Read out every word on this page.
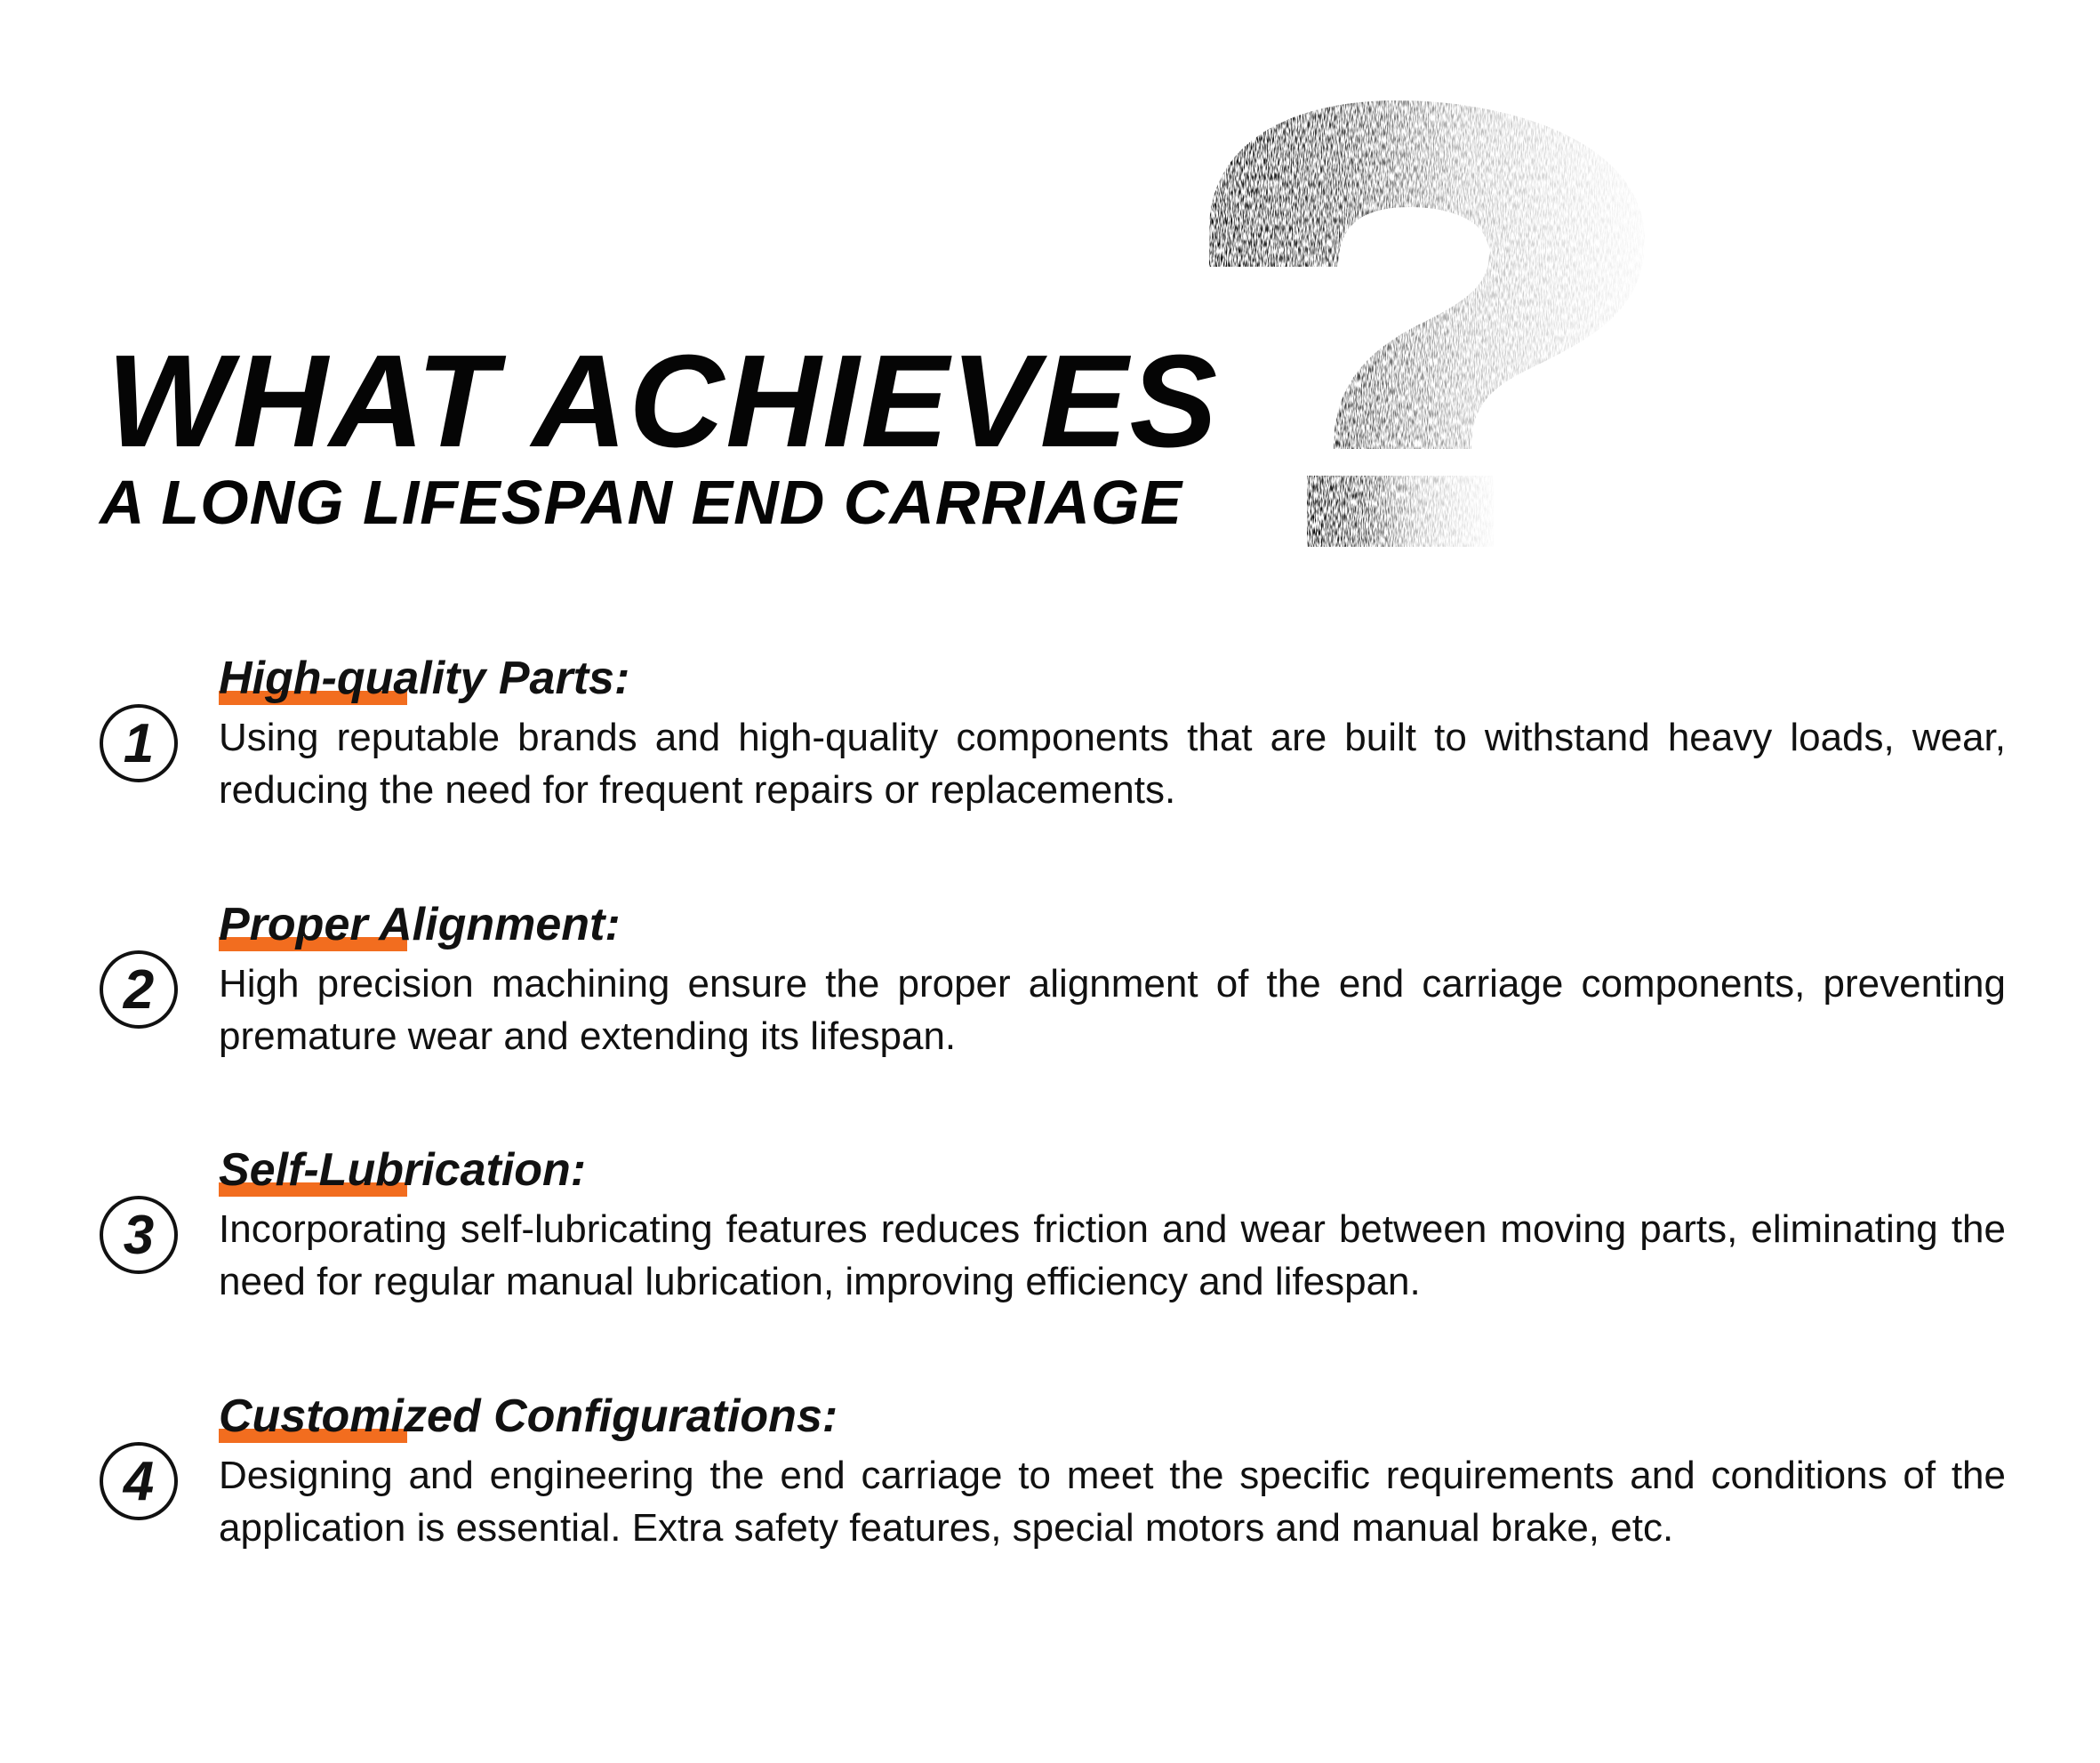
WHAT ACHIEVES
A LONG LIFESPAN END CARRIAGE
High-quality Parts:
1	Using reputable brands and high-quality components that are built to withstand heavy loads, wear, reducing the need for frequent repairs or replacements.

Proper Alignment:
2	High precision machining ensure the proper alignment of the end carriage components, preventing premature wear and extending its lifespan.

Self-Lubrication:
3	Incorporating self-lubricating features reduces friction and wear between moving parts, eliminating the need for regular manual lubrication, improving efficiency and lifespan.

Customized Configurations:
4	Designing and engineering the end carriage to meet the specific requirements and conditions of the application is essential. Extra safety features, special motors and manual brake, etc.
